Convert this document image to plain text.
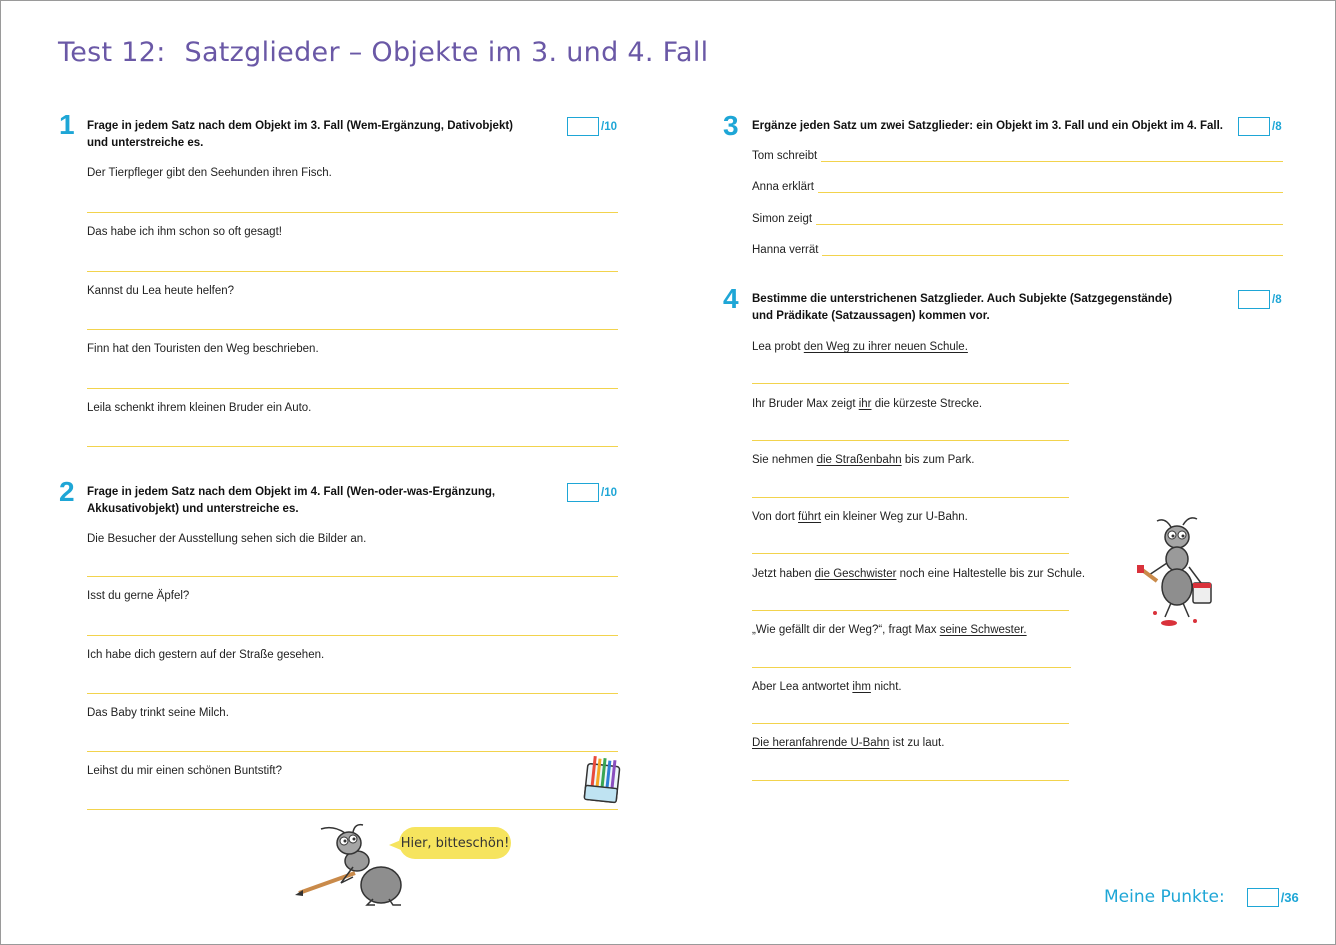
Test 12: Satzglieder – Objekte im 3. und 4. Fall
1 Frage in jedem Satz nach dem Objekt im 3. Fall (Wem-Ergänzung, Dativobjekt)
und unterstreiche es.
/10
Der Tierpfleger gibt den Seehunden ihren Fisch.
Das habe ich ihm schon so oft gesagt!
Kannst du Lea heute helfen?
Finn hat den Touristen den Weg beschrieben.
Leila schenkt ihrem kleinen Bruder ein Auto.
2 Frage in jedem Satz nach dem Objekt im 4. Fall (Wen-oder-was-Ergänzung,
Akkusativobjekt) und unterstreiche es.
/10
Die Besucher der Ausstellung sehen sich die Bilder an.
Isst du gerne Äpfel?
Ich habe dich gestern auf der Straße gesehen.
Das Baby trinkt seine Milch.
Leihst du mir einen schönen Buntstift?
Hier, bitteschön!
3 Ergänze jeden Satz um zwei Satzglieder: ein Objekt im 3. Fall und ein Objekt im 4. Fall.	/8
Tom schreibt
Anna erklärt
Simon zeigt
Hanna verrät
4 Bestimme die unterstrichenen Satzglieder. Auch Subjekte (Satzgegenstände)
und Prädikate (Satzaussagen) kommen vor.
/8
Lea probt den Weg zu ihrer neuen Schule.
Ihr Bruder Max zeigt ihr die kürzeste Strecke.
Sie nehmen die Straßenbahn bis zum Park.
Von dort führt ein kleiner Weg zur U-Bahn.
Jetzt haben die Geschwister noch eine Haltestelle bis zur Schule.
„Wie gefällt dir der Weg?“, fragt Max seine Schwester.
Aber Lea antwortet ihm nicht.
Die heranfahrende U-Bahn ist zu laut.
Meine Punkte:	/36
